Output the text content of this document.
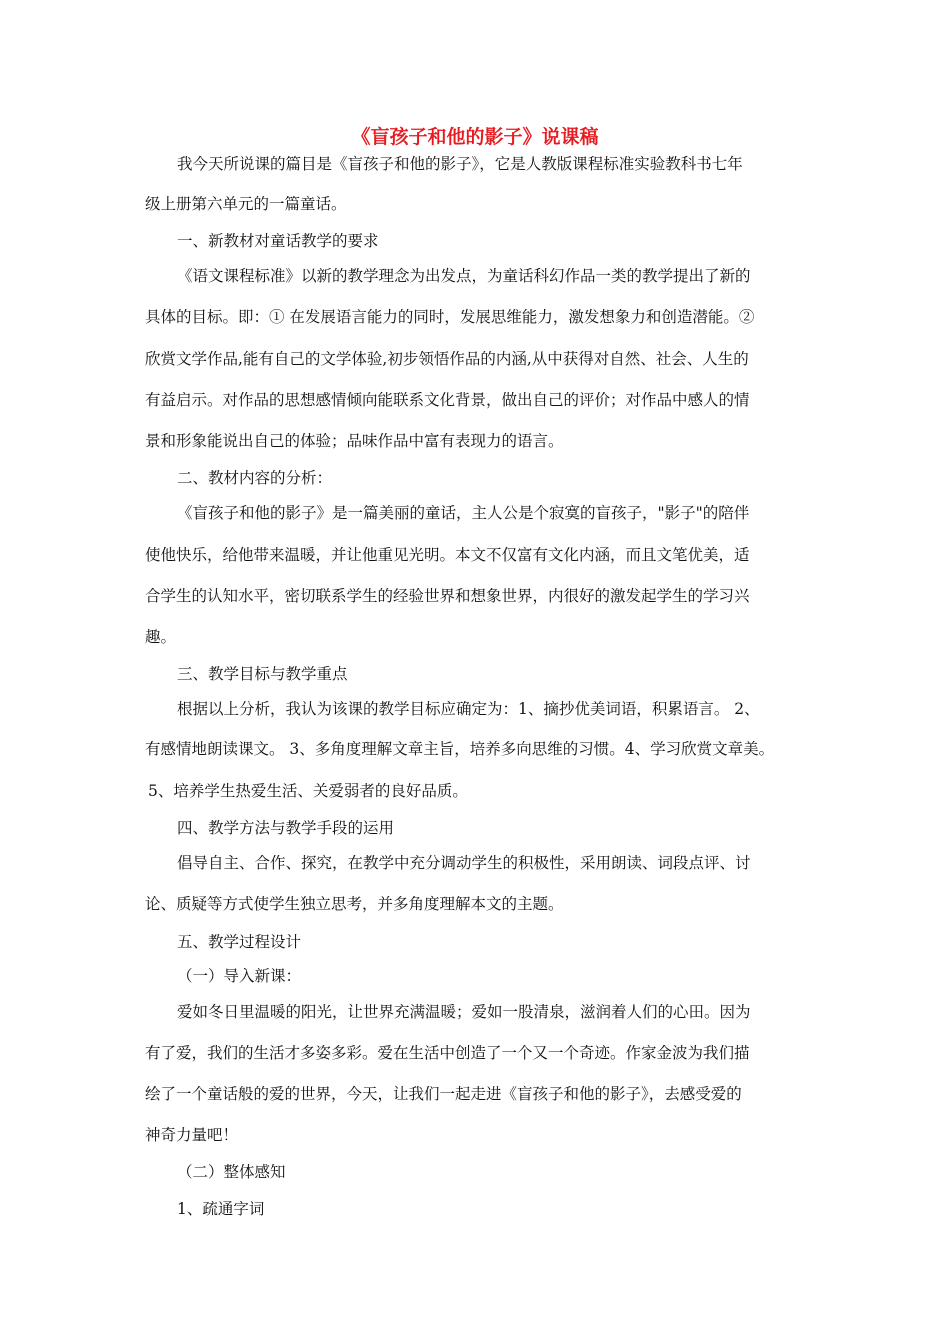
《盲孩子和他的影子》说课稿
我今天所说课的篇目是《盲孩子和他的影子》，它是人教版课程标准实验教科书七年
级上册第六单元的一篇童话。
一、新教材对童话教学的要求
《语文课程标准》以新的教学理念为出发点，为童话科幻作品一类的教学提出了新的
具体的目标。即：① 在发展语言能力的同时，发展思维能力，激发想象力和创造潜能。②
欣赏文学作品,能有自己的文学体验,初步领悟作品的内涵,从中获得对自然、社会、人生的
有益启示。对作品的思想感情倾向能联系文化背景，做出自己的评价；对作品中感人的情
景和形象能说出自己的体验；品味作品中富有表现力的语言。
二、教材内容的分析：
《盲孩子和他的影子》是一篇美丽的童话，主人公是个寂寞的盲孩子，"影子"的陪伴
使他快乐，给他带来温暖，并让他重见光明。本文不仅富有文化内涵，而且文笔优美，适
合学生的认知水平，密切联系学生的经验世界和想象世界，内很好的激发起学生的学习兴
趣。
三、教学目标与教学重点
根据以上分析，我认为该课的教学目标应确定为：1、摘抄优美词语，积累语言。 2、
有感情地朗读课文。 3、多角度理解文章主旨，培养多向思维的习惯。4、学习欣赏文章美。
5、培养学生热爱生活、关爱弱者的良好品质。
四、教学方法与教学手段的运用
倡导自主、合作、探究，在教学中充分调动学生的积极性，采用朗读、词段点评、讨
论、质疑等方式使学生独立思考，并多角度理解本文的主题。
五、教学过程设计
（一）导入新课：
爱如冬日里温暖的阳光，让世界充满温暖；爱如一股清泉，滋润着人们的心田。因为
有了爱，我们的生活才多姿多彩。爱在生活中创造了一个又一个奇迹。作家金波为我们描
绘了一个童话般的爱的世界，今天，让我们一起走进《盲孩子和他的影子》，去感受爱的
神奇力量吧！
（二）整体感知
1、疏通字词
